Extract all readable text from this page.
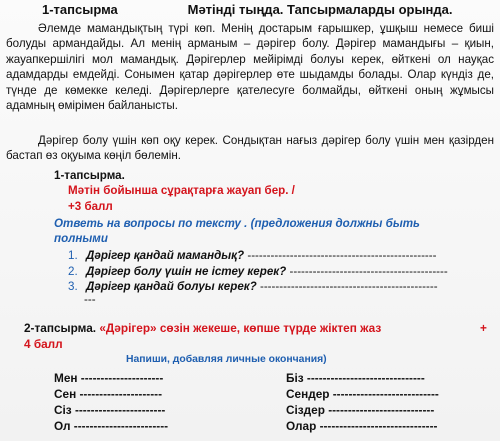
1-тапсырма	Мәтінді тыңда. Тапсырмаларды орында.
Әлемде мамандықтың түрі көп. Менің достарым ғарышкер, ұшқыш немесе биші болуды армандайды. Ал менің арманым – дәрігер болу. Дәрігер мамандығы – қиын, жауапкершілігі мол мамандық. Дәрігерлер мейірімді болуы керек, өйткені ол науқас адамдарды емдейді. Сонымен қатар дәрігерлер өте шыдамды болады. Олар күндіз де, түнде де көмекке келеді. Дәрігерлерге қателесуге болмайды, өйткені оның жұмысы адамның өмірімен байланысты.
Дәрігер болу үшін көп оқу керек. Сондықтан нағыз дәрігер болу үшін мен қазірден бастап өз оқуыма көңіл бөлемін.
1-тапсырма.
Мәтін бойынша сұрақтарға жауап бер. /
+3 балл
Ответь на вопросы по тексту . (предложения должны быть полными
1. Дәрігер қандай мамандық? -------------------------------------------------
2. Дәрігер болу үшін не істеу керек? -----------------------------------------
3. Дәрігер қандай болуы керек? ----------------------------------------------
---
2-тапсырма. «Дәрігер» сөзін жекеше, көпше түрде жіктеп жаз	+
4 балл
Напиши, добавляя личные окончания)
Мен ---------------------
Сен ---------------------
Сіз -----------------------
Ол ------------------------
Біз ------------------------------
Сендер ---------------------------
Сіздер ---------------------------
Олар ------------------------------
